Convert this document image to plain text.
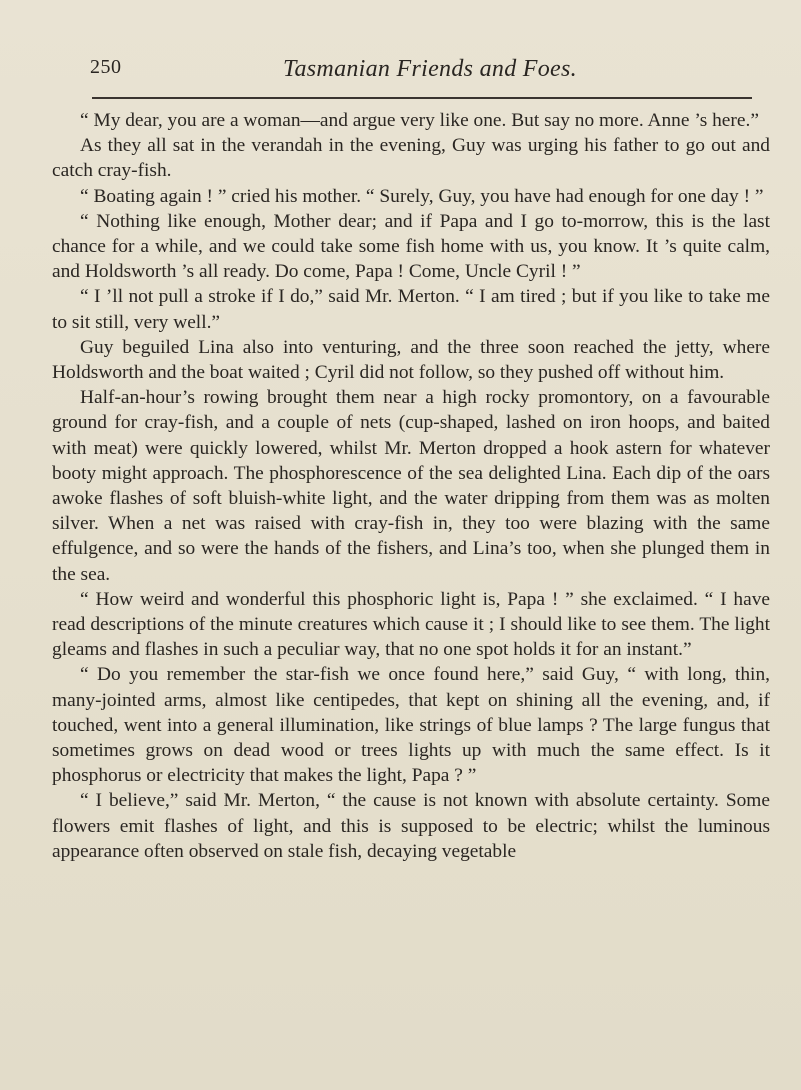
250	Tasmanian Friends and Foes.

“ My dear, you are a woman—and argue very like one. But say no more. Anne ’s here.”

As they all sat in the verandah in the evening, Guy was urging his father to go out and catch cray-fish.

“ Boating again ! ” cried his mother. “ Surely, Guy, you have had enough for one day ! ”

“ Nothing like enough, Mother dear; and if Papa and I go to-morrow, this is the last chance for a while, and we could take some fish home with us, you know. It ’s quite calm, and Holdsworth ’s all ready. Do come, Papa ! Come, Uncle Cyril ! ”

“ I ’ll not pull a stroke if I do,” said Mr. Merton. “ I am tired ; but if you like to take me to sit still, very well.”

Guy beguiled Lina also into venturing, and the three soon reached the jetty, where Holdsworth and the boat waited ; Cyril did not follow, so they pushed off without him.

Half-an-hour’s rowing brought them near a high rocky promontory, on a favourable ground for cray-fish, and a couple of nets (cup-shaped, lashed on iron hoops, and baited with meat) were quickly lowered, whilst Mr. Merton dropped a hook astern for whatever booty might approach. The phosphorescence of the sea delighted Lina. Each dip of the oars awoke flashes of soft bluish-white light, and the water dripping from them was as molten silver. When a net was raised with cray-fish in, they too were blazing with the same effulgence, and so were the hands of the fishers, and Lina’s too, when she plunged them in the sea.

“ How weird and wonderful this phosphoric light is, Papa ! ” she exclaimed. “ I have read descriptions of the minute creatures which cause it ; I should like to see them. The light gleams and flashes in such a peculiar way, that no one spot holds it for an instant.”

“ Do you remember the star-fish we once found here,” said Guy, “ with long, thin, many-jointed arms, almost like centipedes, that kept on shining all the evening, and, if touched, went into a general illumination, like strings of blue lamps ? The large fungus that sometimes grows on dead wood or trees lights up with much the same effect. Is it phosphorus or electricity that makes the light, Papa ? ”

“ I believe,” said Mr. Merton, “ the cause is not known with absolute certainty. Some flowers emit flashes of light, and this is supposed to be electric; whilst the luminous appearance often observed on stale fish, decaying vegetable
